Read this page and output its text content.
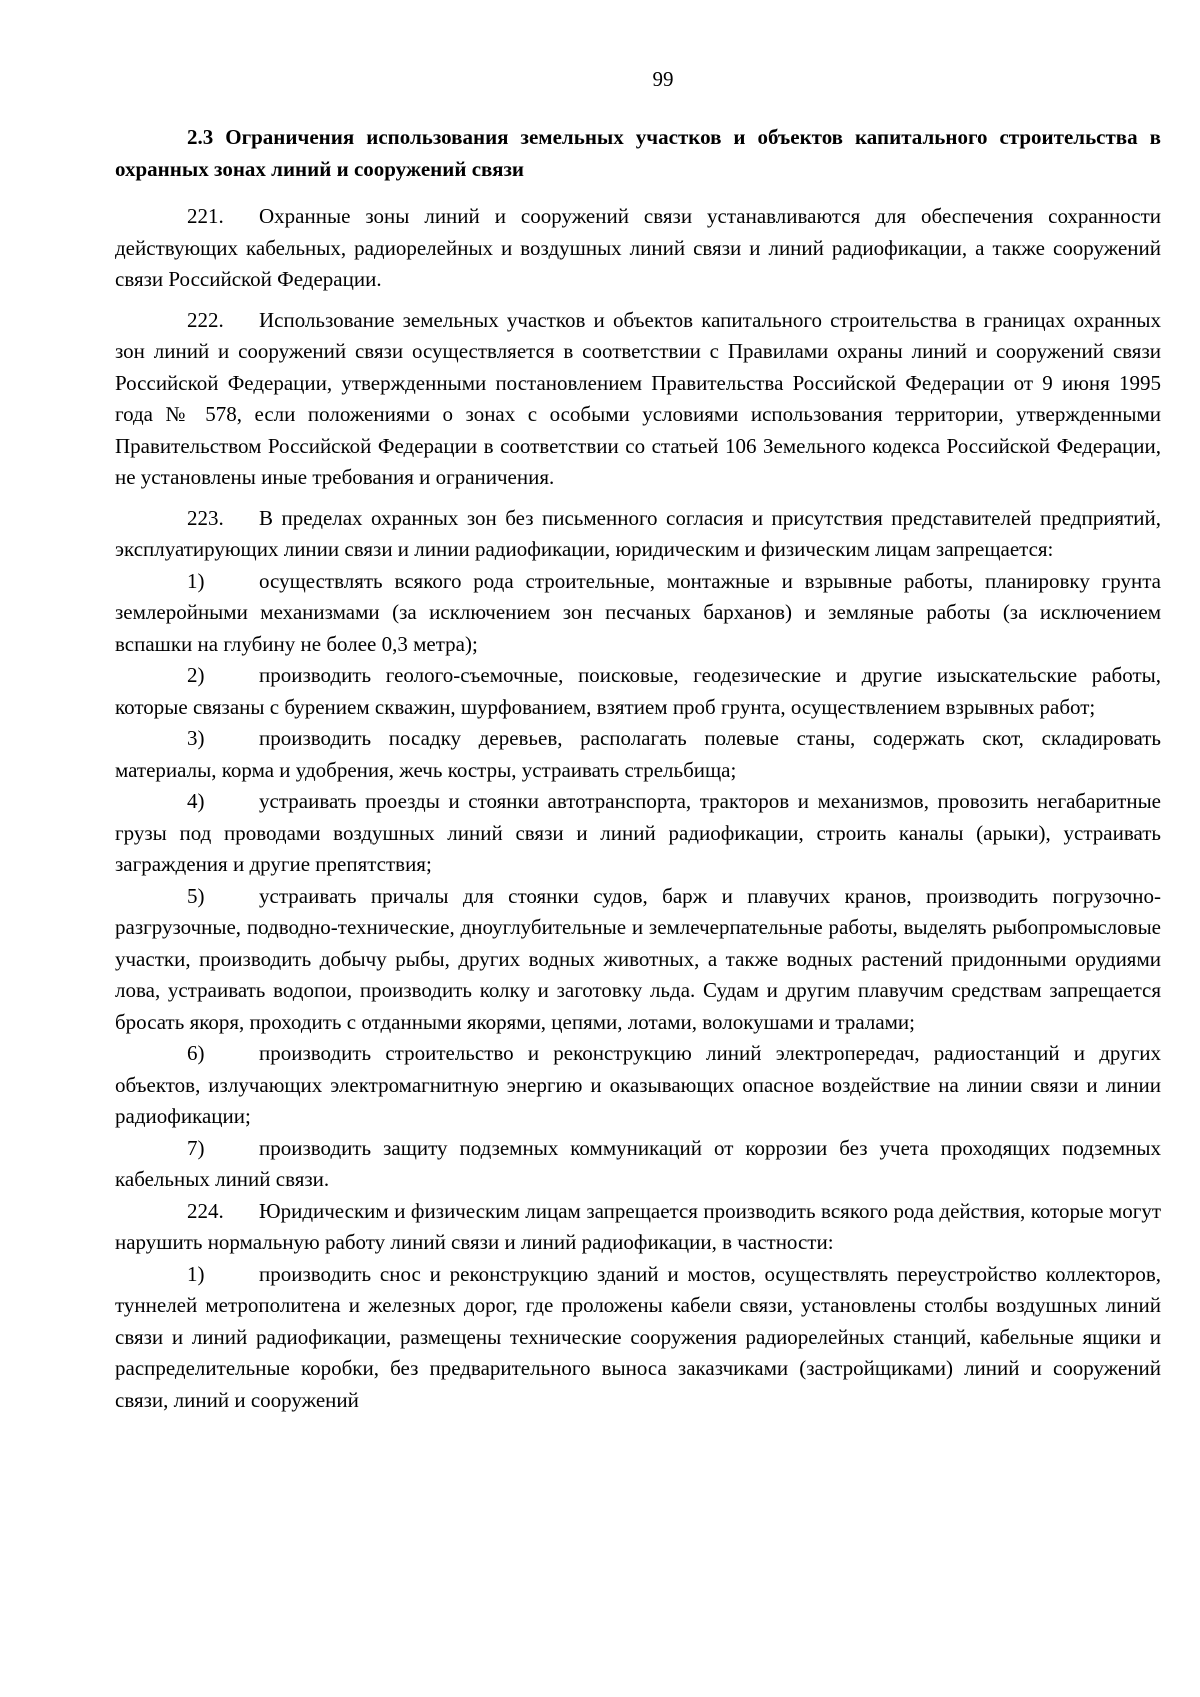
99
2.3 Ограничения использования земельных участков и объектов капитального строительства в охранных зонах линий и сооружений связи

221. Охранные зоны линий и сооружений связи устанавливаются для обеспечения сохранности действующих кабельных, радиорелейных и воздушных линий связи и линий радиофикации, а также сооружений связи Российской Федерации.

222. Использование земельных участков и объектов капитального строительства в границах охранных зон линий и сооружений связи осуществляется в соответствии с Правилами охраны линий и сооружений связи Российской Федерации, утвержденными постановлением Правительства Российской Федерации от 9 июня 1995 года № 578, если положениями о зонах с особыми условиями использования территории, утвержденными Правительством Российской Федерации в соответствии со статьей 106 Земельного кодекса Российской Федерации, не установлены иные требования и ограничения.

223. В пределах охранных зон без письменного согласия и присутствия представителей предприятий, эксплуатирующих линии связи и линии радиофикации, юридическим и физическим лицам запрещается:

1)	осуществлять всякого рода строительные, монтажные и взрывные работы, планировку грунта землеройными механизмами (за исключением зон песчаных барханов) и земляные работы (за исключением вспашки на глубину не более 0,3 метра);

2)	производить геолого-съемочные, поисковые, геодезические и другие изыскательские работы, которые связаны с бурением скважин, шурфованием, взятием проб грунта, осуществлением взрывных работ;

3)	производить посадку деревьев, располагать полевые станы, содержать скот, складировать материалы, корма и удобрения, жечь костры, устраивать стрельбища;

4)	устраивать проезды и стоянки автотранспорта, тракторов и механизмов, провозить негабаритные грузы под проводами воздушных линий связи и линий радиофикации, строить каналы (арыки), устраивать заграждения и другие препятствия;

5)	устраивать причалы для стоянки судов, барж и плавучих кранов, производить погрузочно-разгрузочные, подводно-технические, дноуглубительные и землечерпательные работы, выделять рыбопромысловые участки, производить добычу рыбы, других водных животных, а также водных растений придонными орудиями лова, устраивать водопои, производить колку и заготовку льда. Судам и другим плавучим средствам запрещается бросать якоря, проходить с отданными якорями, цепями, лотами, волокушами и тралами;

6)	производить строительство и реконструкцию линий электропередач, радиостанций и других объектов, излучающих электромагнитную энергию и оказывающих опасное воздействие на линии связи и линии радиофикации;

7)	производить защиту подземных коммуникаций от коррозии без учета проходящих подземных кабельных линий связи.

224. Юридическим и физическим лицам запрещается производить всякого рода действия, которые могут нарушить нормальную работу линий связи и линий радиофикации, в частности:

1)	производить снос и реконструкцию зданий и мостов, осуществлять переустройство коллекторов, туннелей метрополитена и железных дорог, где проложены кабели связи, установлены столбы воздушных линий связи и линий радиофикации, размещены технические сооружения радиорелейных станций, кабельные ящики и распределительные коробки, без предварительного выноса заказчиками (застройщиками) линий и сооружений связи, линий и сооружений
